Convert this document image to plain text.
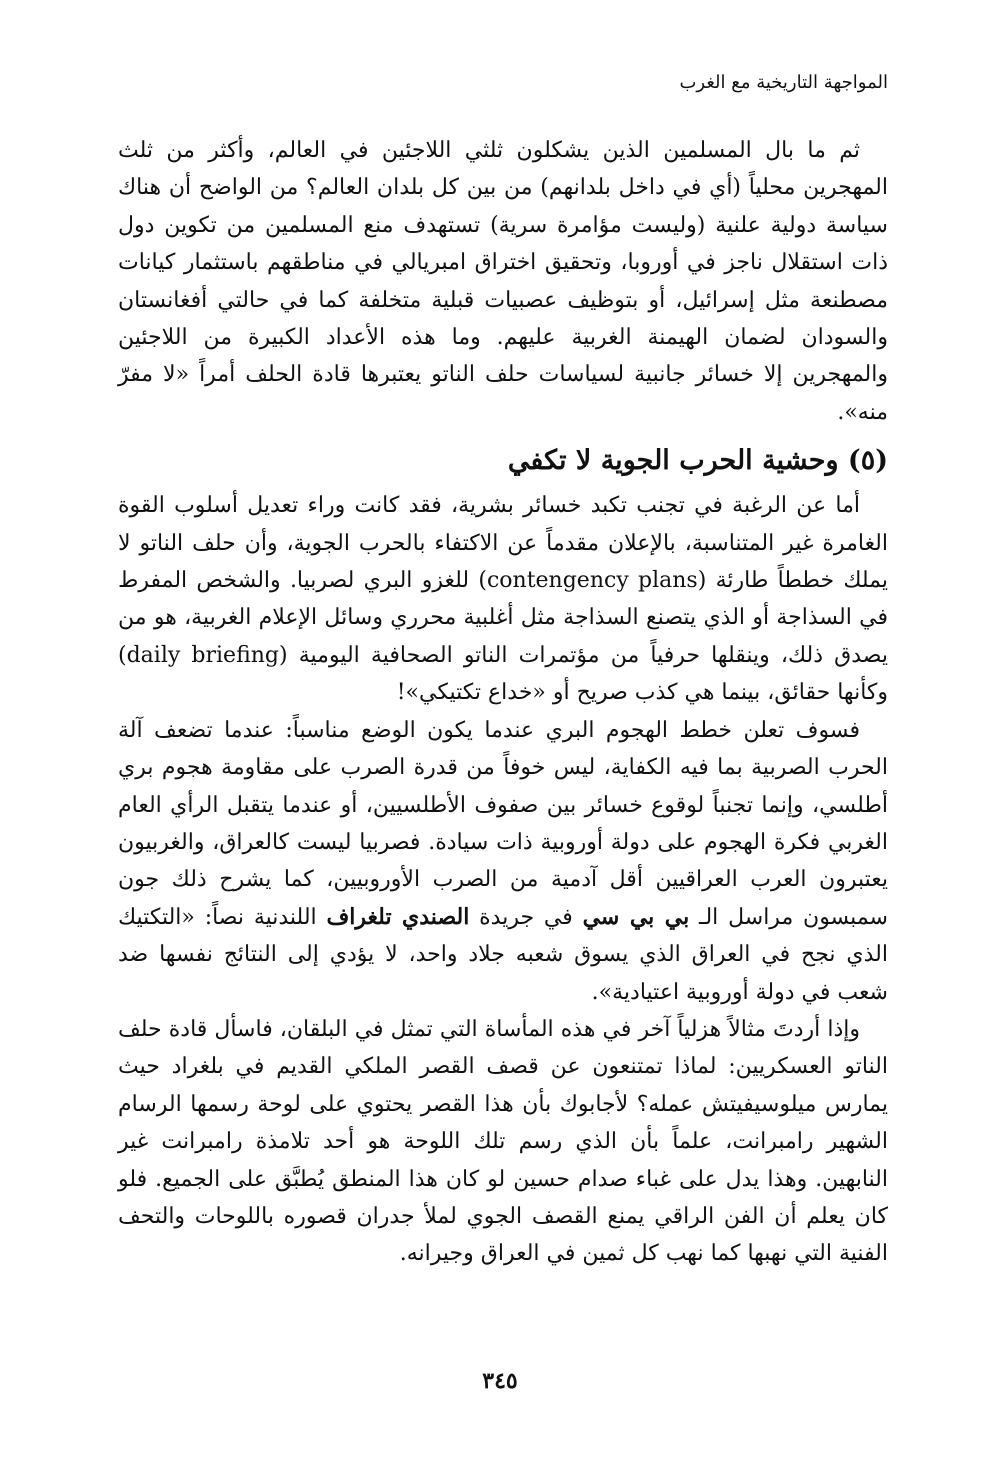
المواجهة التاريخية مع الغرب

ثم ما بال المسلمين الذين يشكلون ثلثي اللاجئين في العالم، وأكثر من ثلث المهجرين محلياً (أي في داخل بلدانهم) من بين كل بلدان العالم؟ من الواضح أن هناك سياسة دولية علنية (وليست مؤامرة سرية) تستهدف منع المسلمين من تكوين دول ذات استقلال ناجز في أوروبا، وتحقيق اختراق امبريالي في مناطقهم باستثمار كيانات مصطنعة مثل إسرائيل، أو بتوظيف عصبيات قبلية متخلفة كما في حالتي أفغانستان والسودان لضمان الهيمنة الغربية عليهم. وما هذه الأعداد الكبيرة من اللاجئين والمهجرين إلا خسائر جانبية لسياسات حلف الناتو يعتبرها قادة الحلف أمراً «لا مفرّ منه».

(٥) وحشية الحرب الجوية لا تكفي

أما عن الرغبة في تجنب تكبد خسائر بشرية، فقد كانت وراء تعديل أسلوب القوة الغامرة غير المتناسبة، بالإعلان مقدماً عن الاكتفاء بالحرب الجوية، وأن حلف الناتو لا يملك خططاً طارئة (contengency plans) للغزو البري لصربيا. والشخص المفرط في السذاجة أو الذي يتصنع السذاجة مثل أغلبية محرري وسائل الإعلام الغربية، هو من يصدق ذلك، وينقلها حرفياً من مؤتمرات الناتو الصحافية اليومية (daily briefing) وكأنها حقائق، بينما هي كذب صريح أو «خداع تكتيكي»!

فسوف تعلن خطط الهجوم البري عندما يكون الوضع مناسباً: عندما تضعف آلة الحرب الصربية بما فيه الكفاية، ليس خوفاً من قدرة الصرب على مقاومة هجوم بري أطلسي، وإنما تجنباً لوقوع خسائر بين صفوف الأطلسيين، أو عندما يتقبل الرأي العام الغربي فكرة الهجوم على دولة أوروبية ذات سيادة. فصربيا ليست كالعراق، والغربيون يعتبرون العرب العراقيين أقل آدمية من الصرب الأوروبيين، كما يشرح ذلك جون سمبسون مراسل الـ بي بي سي في جريدة الصندي تلغراف اللندنية نصاً: «التكتيك الذي نجح في العراق الذي يسوق شعبه جلاد واحد، لا يؤدي إلى النتائج نفسها ضد شعب في دولة أوروبية اعتيادية».

وإذا أردتَ مثالاً هزلياً آخر في هذه المأساة التي تمثل في البلقان، فاسأل قادة حلف الناتو العسكريين: لماذا تمتنعون عن قصف القصر الملكي القديم في بلغراد حيث يمارس ميلوسيفيتش عمله؟ لأجابوك بأن هذا القصر يحتوي على لوحة رسمها الرسام الشهير رامبرانت، علماً بأن الذي رسم تلك اللوحة هو أحد تلامذة رامبرانت غير النابهين. وهذا يدل على غباء صدام حسين لو كان هذا المنطق يُطبَّق على الجميع. فلو كان يعلم أن الفن الراقي يمنع القصف الجوي لملأ جدران قصوره باللوحات والتحف الفنية التي نهبها كما نهب كل ثمين في العراق وجيرانه.

٣٤٥
